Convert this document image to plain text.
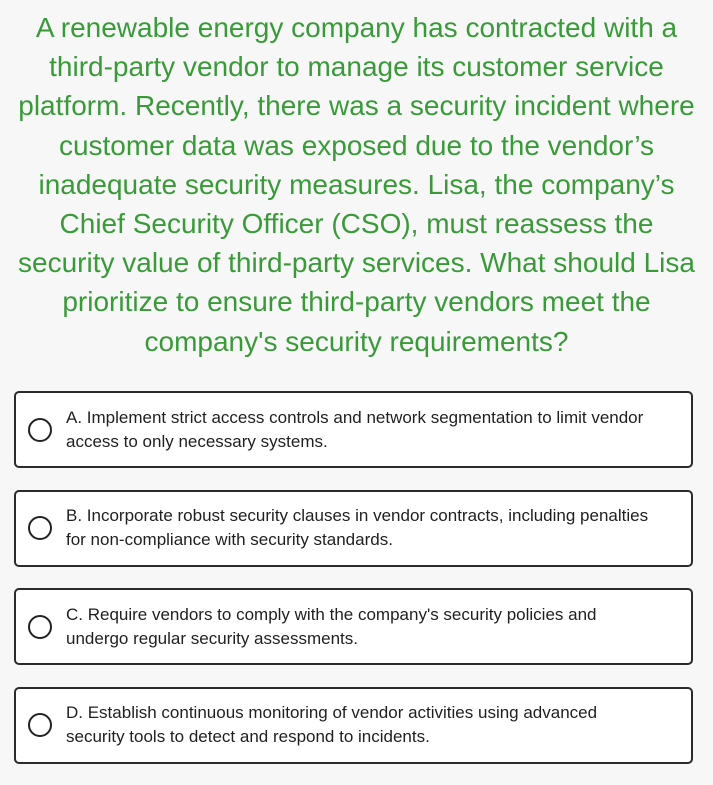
A renewable energy company has contracted with a third-party vendor to manage its customer service platform. Recently, there was a security incident where customer data was exposed due to the vendor’s inadequate security measures. Lisa, the company’s Chief Security Officer (CSO), must reassess the security value of third-party services. What should Lisa prioritize to ensure third-party vendors meet the company's security requirements?

A. Implement strict access controls and network segmentation to limit vendor access to only necessary systems.
B. Incorporate robust security clauses in vendor contracts, including penalties for non-compliance with security standards.
C. Require vendors to comply with the company's security policies and undergo regular security assessments.
D. Establish continuous monitoring of vendor activities using advanced security tools to detect and respond to incidents.
